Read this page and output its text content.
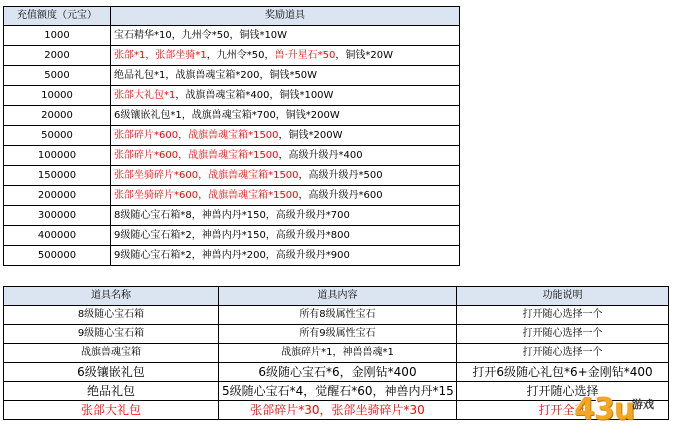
充值额度（元宝）	奖励道具
1000	宝石精华*10，九州令*50，铜钱*10W
2000	张郃*1，张郃坐骑*1，九州令*50，兽·升星石*50，铜钱*20W
5000	绝品礼包*1，战旗兽魂宝箱*200，铜钱*50W
10000	张郃大礼包*1，战旗兽魂宝箱*400，铜钱*100W
20000	6级镶嵌礼包*1，战旗兽魂宝箱*700，铜钱*200W
50000	张郃碎片*600，战旗兽魂宝箱*1500，铜钱*200W
100000	张郃碎片*600，战旗兽魂宝箱*1500，高级升级丹*400
150000	张郃坐骑碎片*600，战旗兽魂宝箱*1500，高级升级丹*500
200000	张郃坐骑碎片*600，战旗兽魂宝箱*1500，高级升级丹*600
300000	8级随心宝石箱*8，神兽内丹*150，高级升级丹*700
400000	9级随心宝石箱*2，神兽内丹*150，高级升级丹*800
500000	9级随心宝石箱*2，神兽内丹*200，高级升级丹*900
道具名称	道具内容	功能说明
8级随心宝石箱	所有8级属性宝石	打开随心选择一个
9级随心宝石箱	所有9级属性宝石	打开随心选择一个
战旗兽魂宝箱	战旗碎片*1，神兽兽魂*1	打开随心选择一个
6级镶嵌礼包	6级随心宝石*6，金刚钻*400	打开6级随心礼包*6+金刚钻*400
绝品礼包	5级随心宝石*4，觉醒石*60，神兽内丹*15	打开随心选择
张郃大礼包	张郃碎片*30，张郃坐骑碎片*30	打开全部
43u
游戏
